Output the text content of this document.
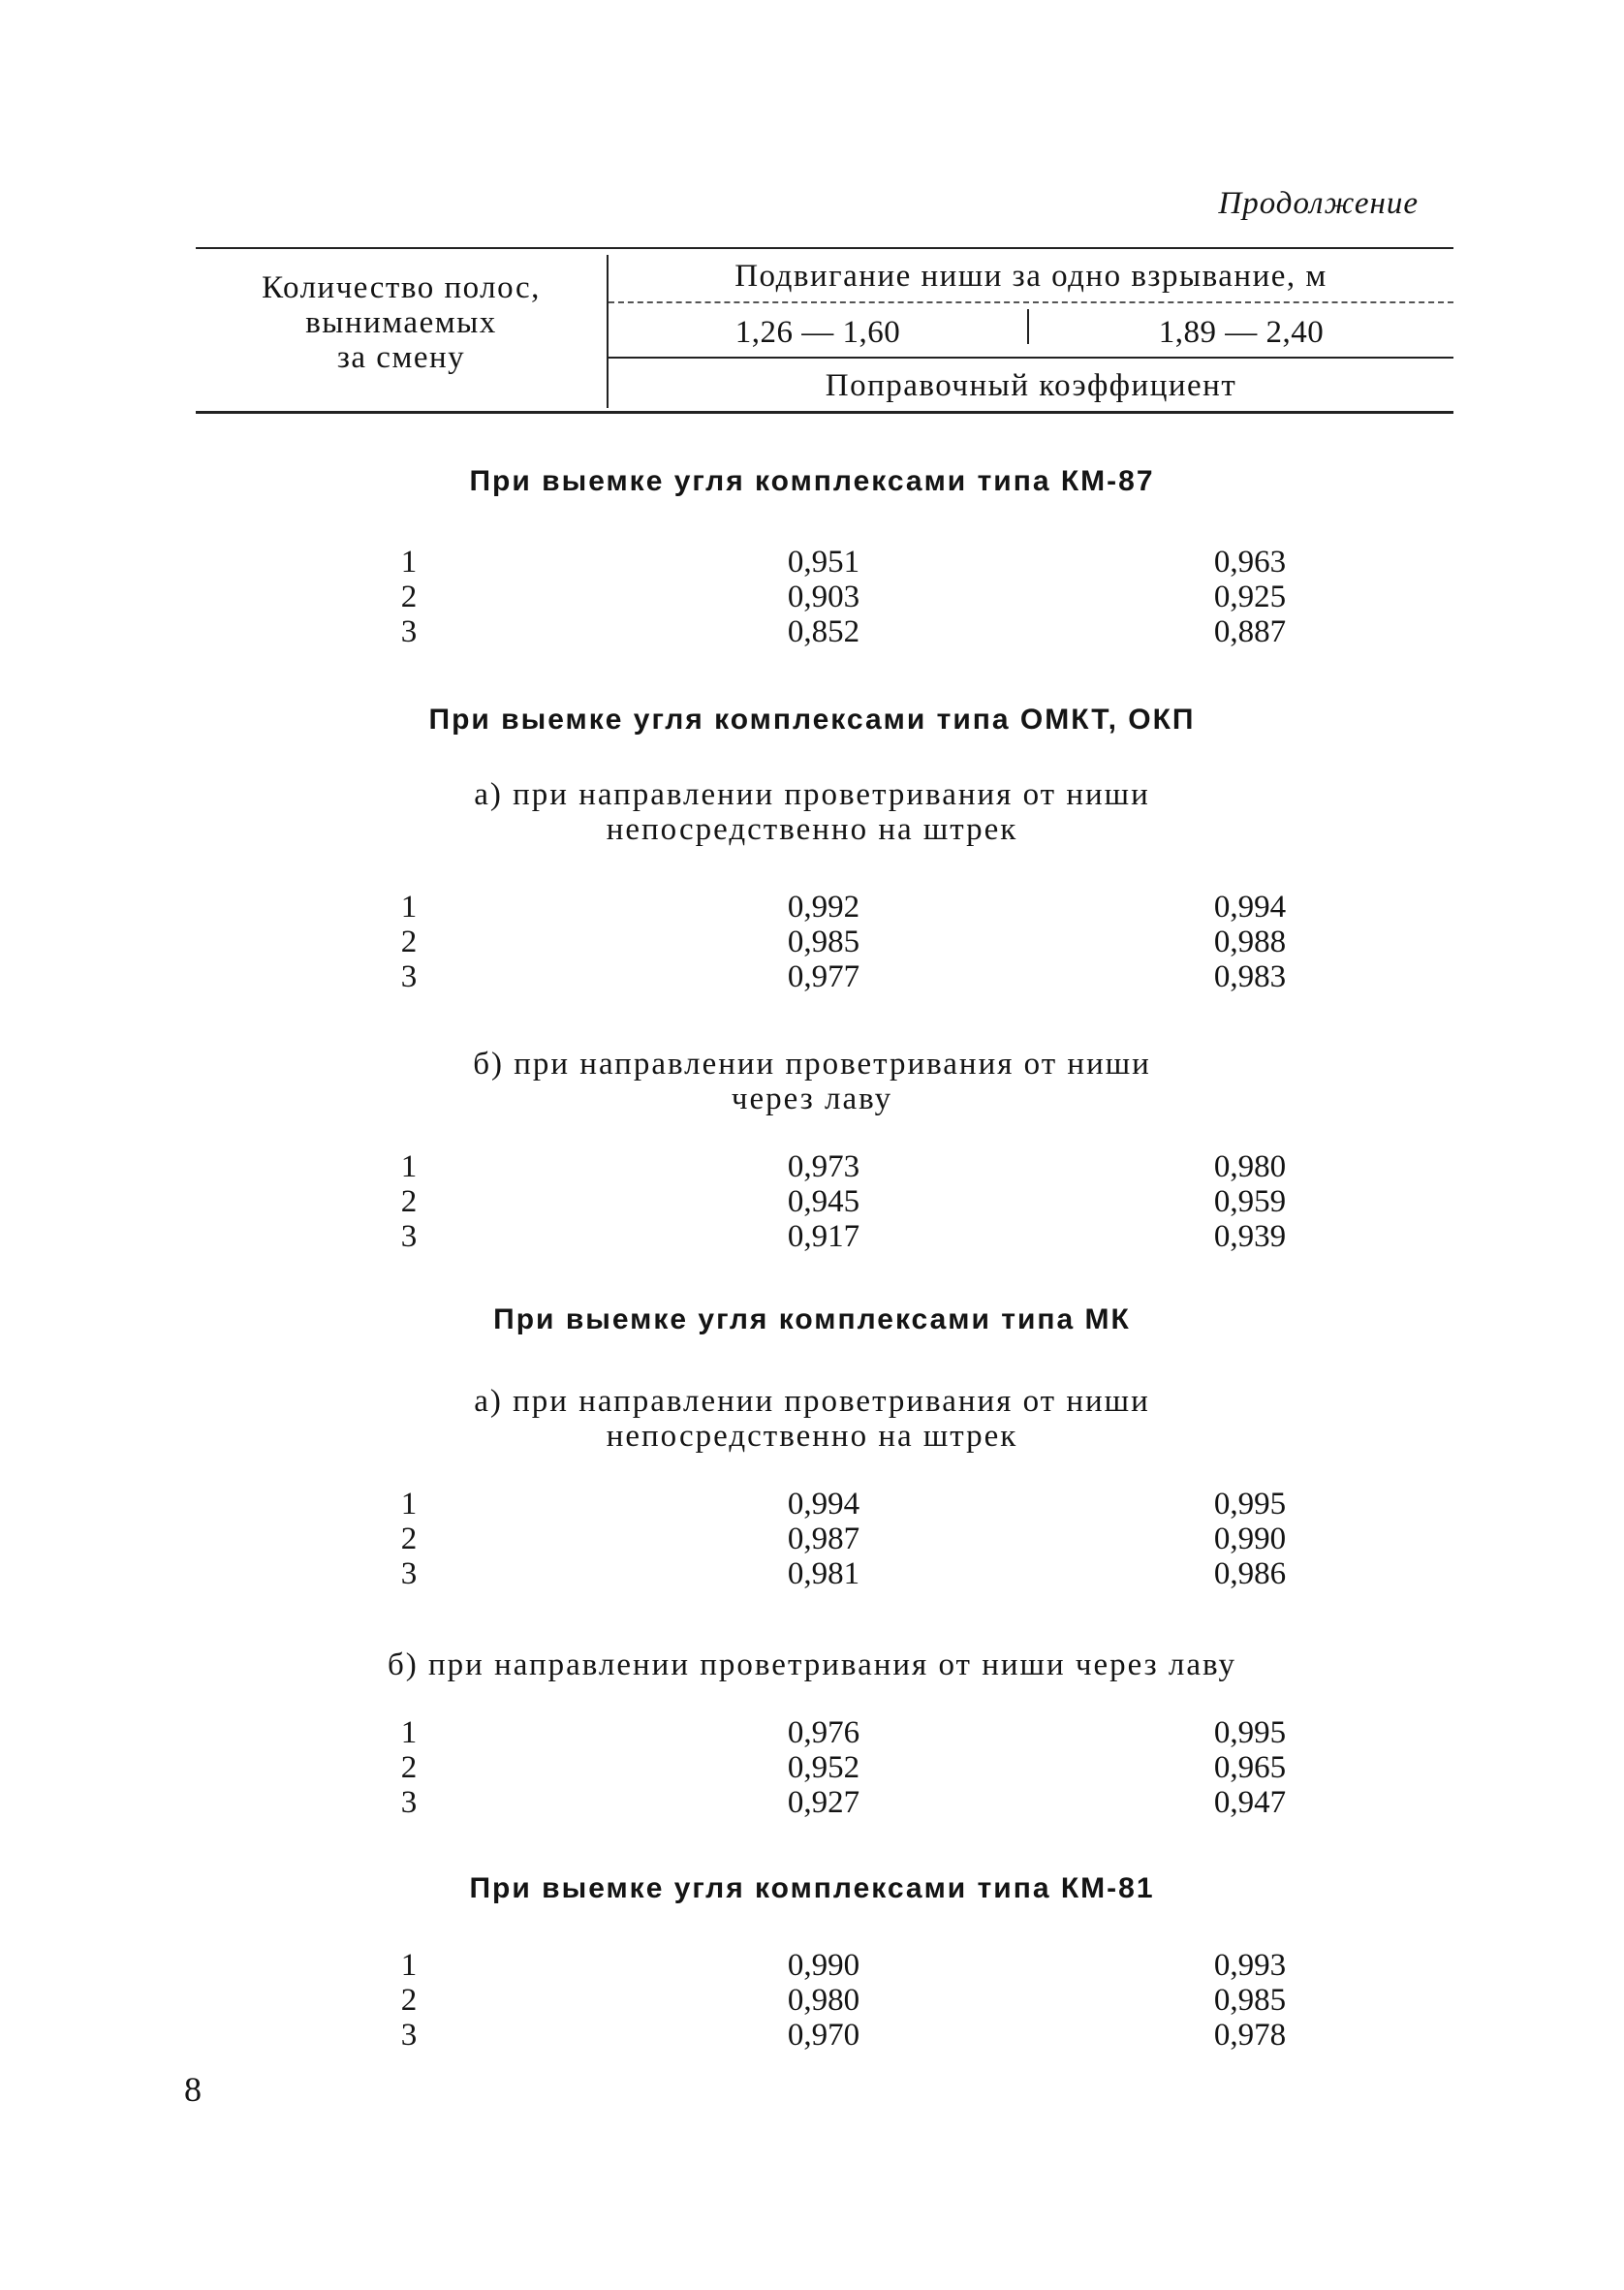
Продолжение
Количество полос,
вынимаемых
за смену
Подвигание ниши за одно взрывание, м
1,26 — 1,60	1,89 — 2,40
Поправочный коэффициент
При выемке угля комплексами типа КМ-87
1	0,951	0,963
2	0,903	0,925
3	0,852	0,887
При выемке угля комплексами типа ОМКТ, ОКП
а) при направлении проветривания от ниши
непосредственно на штрек
1	0,992	0,994
2	0,985	0,988
3	0,977	0,983
б) при направлении проветривания от ниши
через лаву
1	0,973	0,980
2	0,945	0,959
3	0,917	0,939
При выемке угля комплексами типа МК
а) при направлении проветривания от ниши
непосредственно на штрек
1	0,994	0,995
2	0,987	0,990
3	0,981	0,986
б) при направлении проветривания от ниши через лаву
1	0,976	0,995
2	0,952	0,965
3	0,927	0,947
При выемке угля комплексами типа КМ-81
1	0,990	0,993
2	0,980	0,985
3	0,970	0,978
8
